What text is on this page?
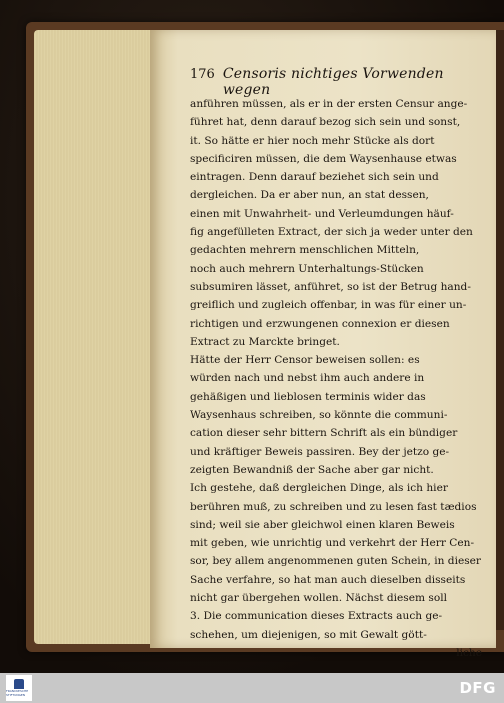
176 Censoris nichtiges Vorwenden wegen
anführen müssen, als er in der ersten Censur ange-
führet hat, denn darauf bezog sich sein und sonst,
it. So hätte er hier noch mehr Stücke als dort
specificiren müssen, die dem Waysenhause etwas
eintragen. Denn darauf beziehet sich sein und
dergleichen. Da er aber nun, an stat dessen,
einen mit Unwahrheit- und Verleumdungen häuf-
fig angefülleten Extract, der sich ja weder unter den
gedachten mehrern menschlichen Mitteln,
noch auch mehrern Unterhaltungs-Stücken
subsumiren lässet, anführet, so ist der Betrug hand-
greiflich und zugleich offenbar, in was für einer un-
richtigen und erzwungenen connexion er diesen
Extract zu Marckte bringet.
Hätte der Herr Censor beweisen sollen: es
würden nach und nebst ihm auch andere in
gehäßigen und lieblosen terminis wider das
Waysenhaus schreiben, so könnte die communi-
cation dieser sehr bittern Schrift als ein bündiger
und kräftiger Beweis passiren. Bey der jetzo ge-
zeigten Bewandniß der Sache aber gar nicht.
Ich gestehe, daß dergleichen Dinge, als ich hier
berühren muß, zu schreiben und zu lesen fast tædios
sind; weil sie aber gleichwol einen klaren Beweis
mit geben, wie unrichtig und verkehrt der Herr Cen-
sor, bey allem angenommenen guten Schein, in dieser
Sache verfahre, so hat man auch dieselben disseits
nicht gar übergehen wollen. Nächst diesem soll
3. Die communication dieses Extracts auch ge-
schehen, um diejenigen, so mit Gewalt gött-
liche
FRANCKESCHE STIFTUNGEN	DFG
